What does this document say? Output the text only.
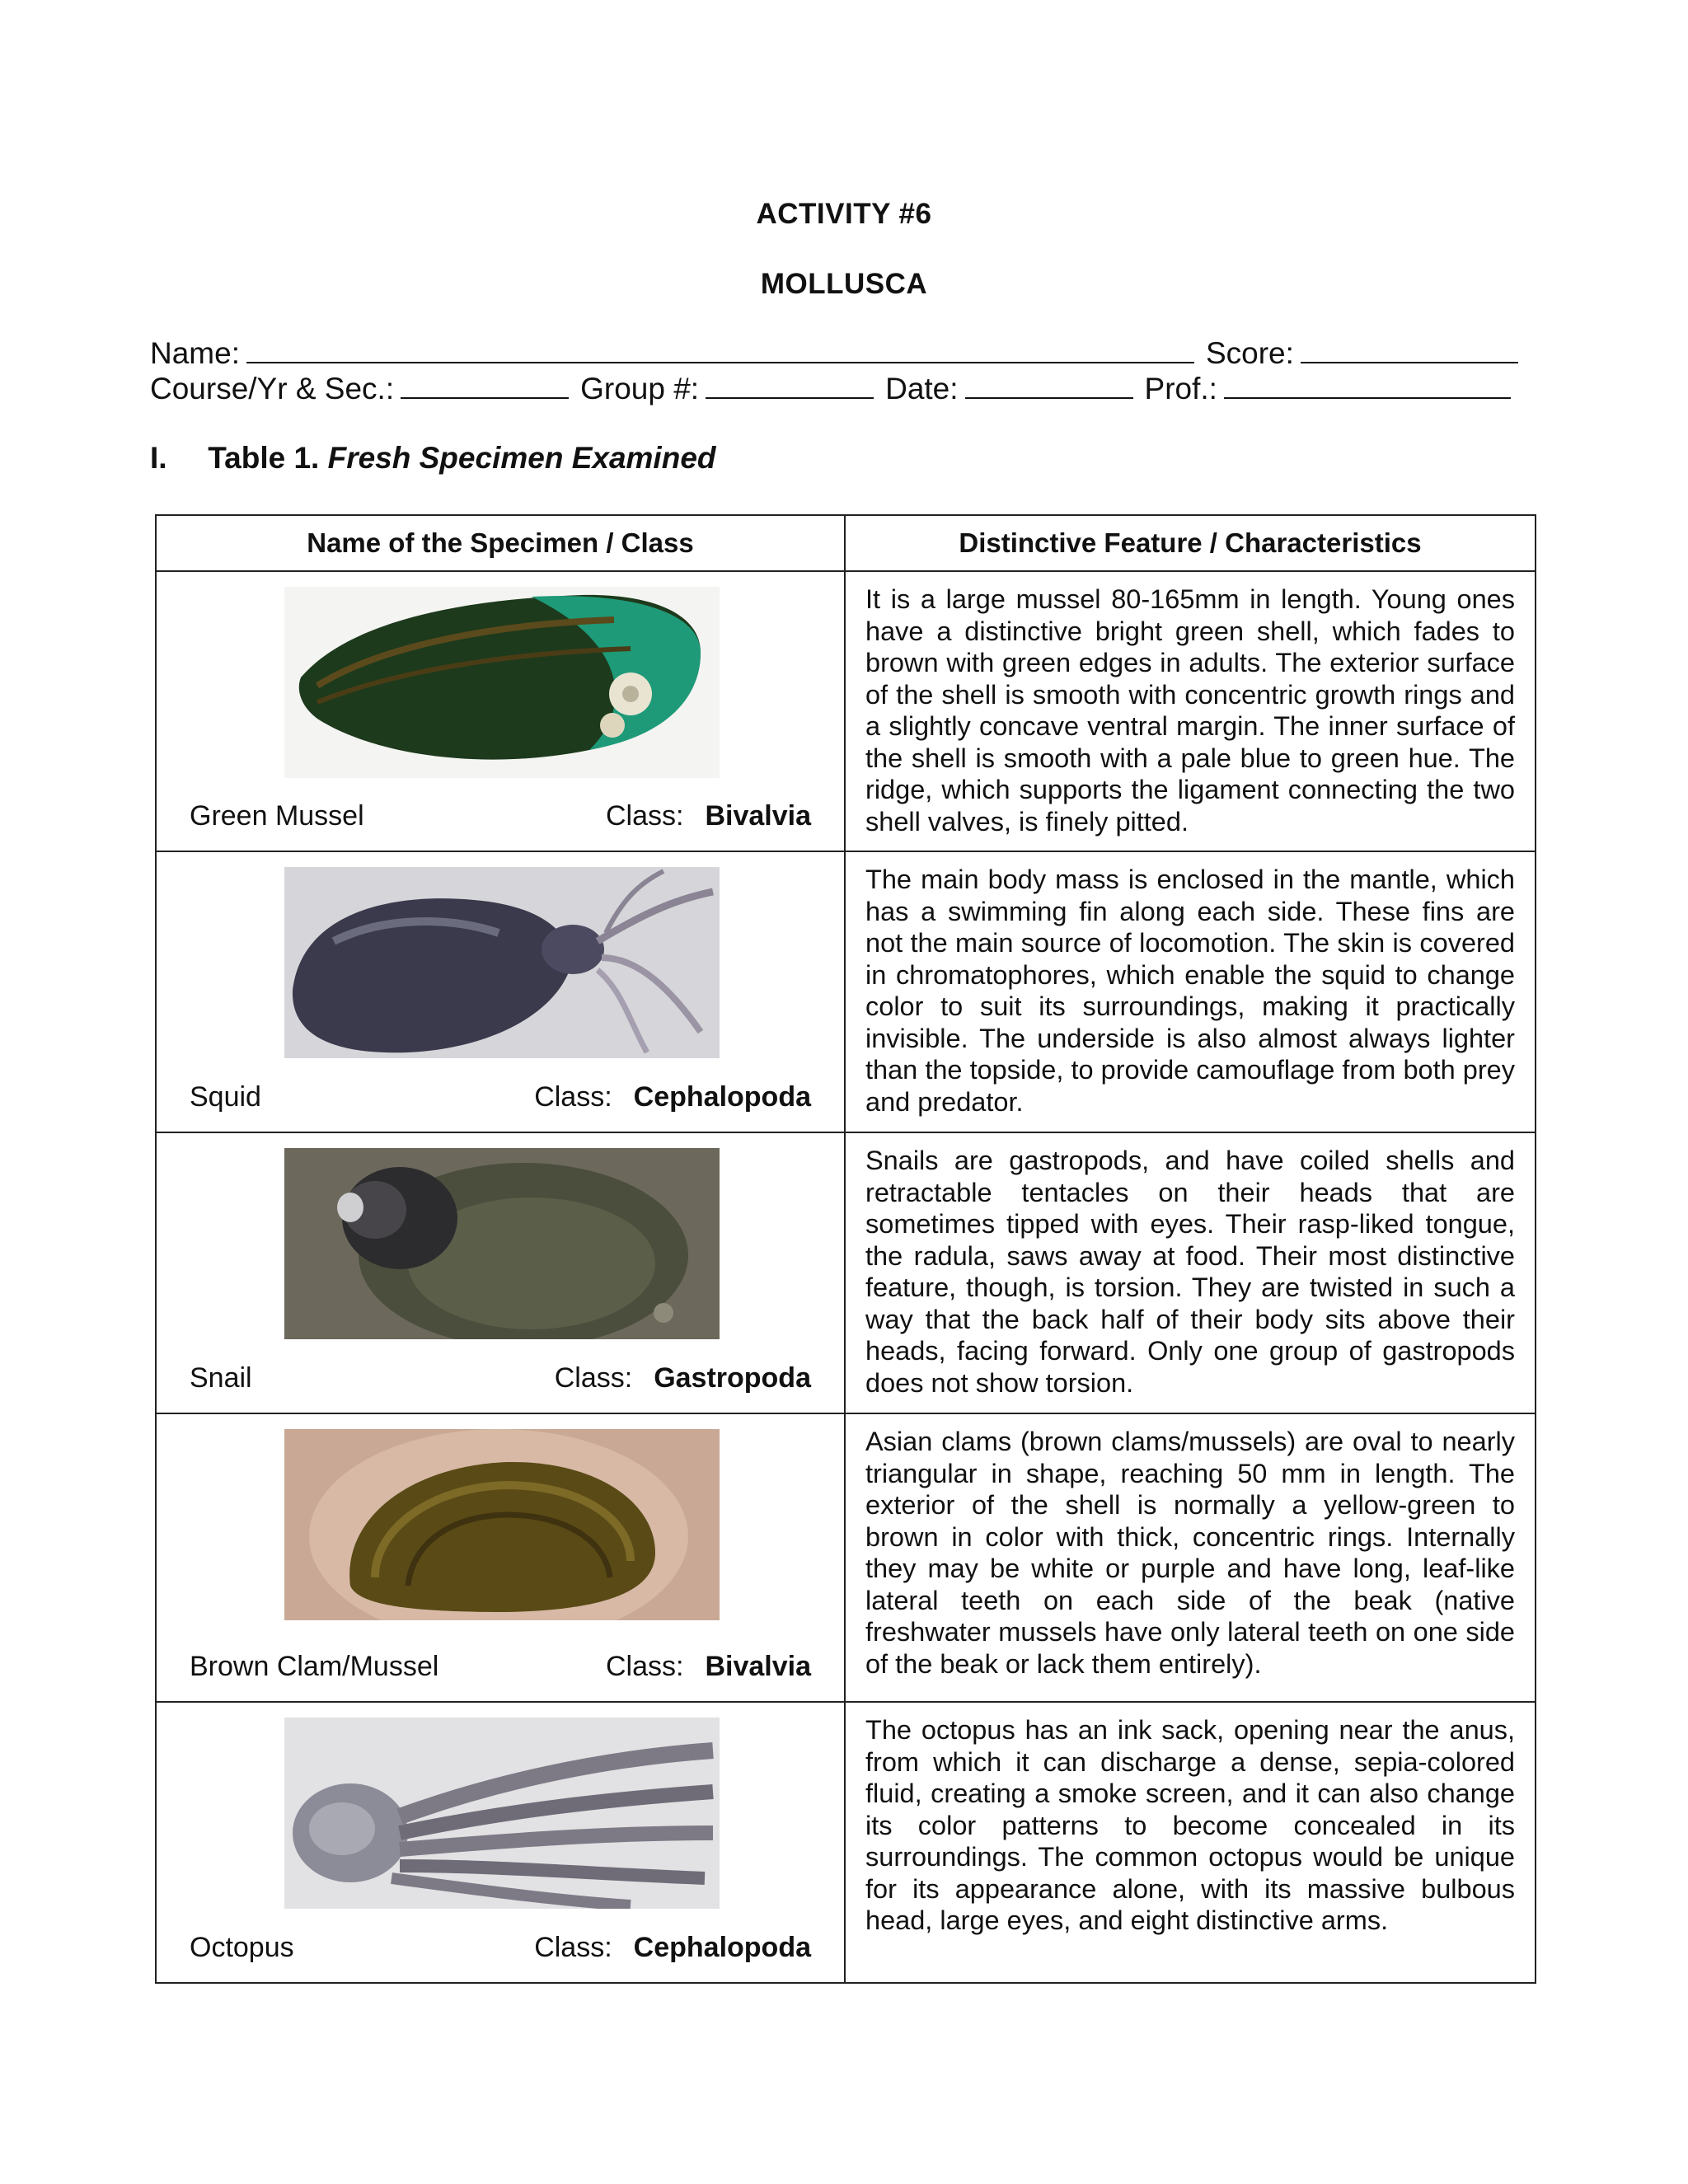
ACTIVITY #6
MOLLUSCA
Name:	Score:
Course/Yr & Sec.:	Group #:	Date:	Prof.:
I. Table 1. Fresh Specimen Examined
Name of the Specimen / Class	Distinctive Feature / Characteristics

Green Mussel Class: Bivalvia	It is a large mussel 80-165mm in length. Young ones have a distinctive bright green shell, which fades to brown with green edges in adults. The exterior surface of the shell is smooth with concentric growth rings and a slightly concave ventral margin. The inner surface of the shell is smooth with a pale blue to green hue. The ridge, which supports the ligament connecting the two shell valves, is finely pitted.

Squid Class: Cephalopoda	The main body mass is enclosed in the mantle, which has a swimming fin along each side. These fins are not the main source of locomotion. The skin is covered in chromatophores, which enable the squid to change color to suit its surroundings, making it practically invisible. The underside is also almost always lighter than the topside, to provide camouflage from both prey and predator.

Snail Class: Gastropoda	Snails are gastropods, and have coiled shells and retractable tentacles on their heads that are sometimes tipped with eyes. Their rasp-liked tongue, the radula, saws away at food. Their most distinctive feature, though, is torsion. They are twisted in such a way that the back half of their body sits above their heads, facing forward. Only one group of gastropods does not show torsion.

Brown Clam/Mussel Class: Bivalvia	Asian clams (brown clams/mussels) are oval to nearly triangular in shape, reaching 50 mm in length. The exterior of the shell is normally a yellow-green to brown in color with thick, concentric rings. Internally they may be white or purple and have long, leaf-like lateral teeth on each side of the beak (native freshwater mussels have only lateral teeth on one side of the beak or lack them entirely).

Octopus Class: Cephalopoda	The octopus has an ink sack, opening near the anus, from which it can discharge a dense, sepia-colored fluid, creating a smoke screen, and it can also change its color patterns to become concealed in its surroundings. The common octopus would be unique for its appearance alone, with its massive bulbous head, large eyes, and eight distinctive arms.
